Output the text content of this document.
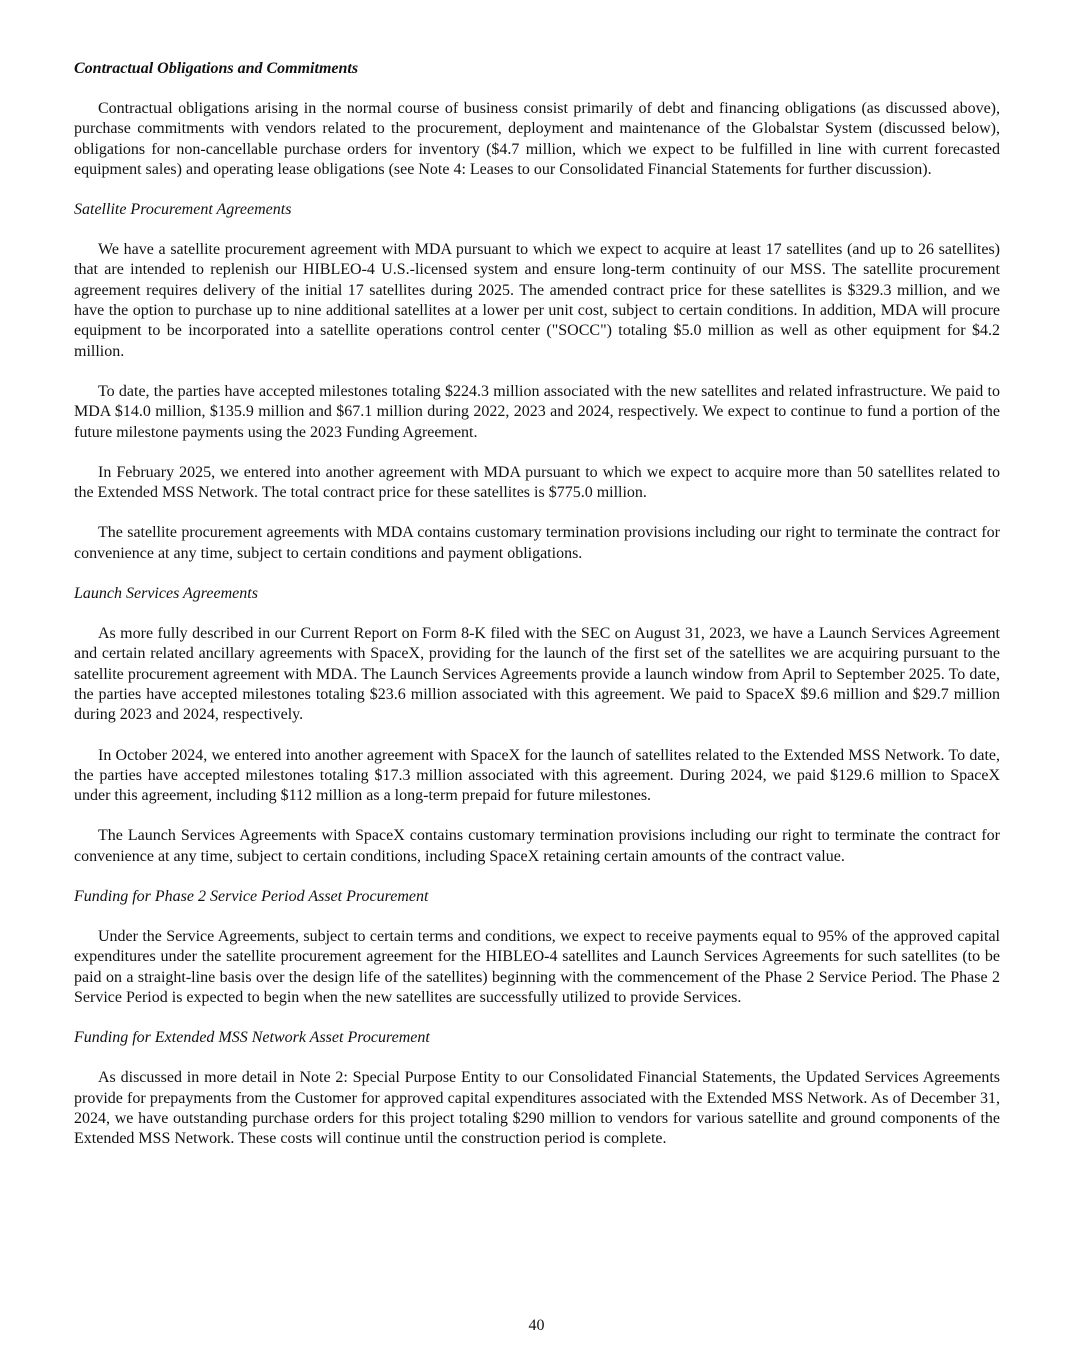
Contractual Obligations and Commitments

Contractual obligations arising in the normal course of business consist primarily of debt and financing obligations (as discussed above), purchase commitments with vendors related to the procurement, deployment and maintenance of the Globalstar System (discussed below), obligations for non-cancellable purchase orders for inventory ($4.7 million, which we expect to be fulfilled in line with current forecasted equipment sales) and operating lease obligations (see Note 4: Leases to our Consolidated Financial Statements for further discussion).

Satellite Procurement Agreements

We have a satellite procurement agreement with MDA pursuant to which we expect to acquire at least 17 satellites (and up to 26 satellites) that are intended to replenish our HIBLEO-4 U.S.-licensed system and ensure long-term continuity of our MSS. The satellite procurement agreement requires delivery of the initial 17 satellites during 2025. The amended contract price for these satellites is $329.3 million, and we have the option to purchase up to nine additional satellites at a lower per unit cost, subject to certain conditions. In addition, MDA will procure equipment to be incorporated into a satellite operations control center ("SOCC") totaling $5.0 million as well as other equipment for $4.2 million.

To date, the parties have accepted milestones totaling $224.3 million associated with the new satellites and related infrastructure. We paid to MDA $14.0 million, $135.9 million and $67.1 million during 2022, 2023 and 2024, respectively. We expect to continue to fund a portion of the future milestone payments using the 2023 Funding Agreement.

In February 2025, we entered into another agreement with MDA pursuant to which we expect to acquire more than 50 satellites related to the Extended MSS Network. The total contract price for these satellites is $775.0 million.

The satellite procurement agreements with MDA contains customary termination provisions including our right to terminate the contract for convenience at any time, subject to certain conditions and payment obligations.

Launch Services Agreements

As more fully described in our Current Report on Form 8-K filed with the SEC on August 31, 2023, we have a Launch Services Agreement and certain related ancillary agreements with SpaceX, providing for the launch of the first set of the satellites we are acquiring pursuant to the satellite procurement agreement with MDA. The Launch Services Agreements provide a launch window from April to September 2025. To date, the parties have accepted milestones totaling $23.6 million associated with this agreement. We paid to SpaceX $9.6 million and $29.7 million during 2023 and 2024, respectively.

In October 2024, we entered into another agreement with SpaceX for the launch of satellites related to the Extended MSS Network. To date, the parties have accepted milestones totaling $17.3 million associated with this agreement. During 2024, we paid $129.6 million to SpaceX under this agreement, including $112 million as a long-term prepaid for future milestones.

The Launch Services Agreements with SpaceX contains customary termination provisions including our right to terminate the contract for convenience at any time, subject to certain conditions, including SpaceX retaining certain amounts of the contract value.

Funding for Phase 2 Service Period Asset Procurement

Under the Service Agreements, subject to certain terms and conditions, we expect to receive payments equal to 95% of the approved capital expenditures under the satellite procurement agreement for the HIBLEO-4 satellites and Launch Services Agreements for such satellites (to be paid on a straight-line basis over the design life of the satellites) beginning with the commencement of the Phase 2 Service Period. The Phase 2 Service Period is expected to begin when the new satellites are successfully utilized to provide Services.

Funding for Extended MSS Network Asset Procurement

As discussed in more detail in Note 2: Special Purpose Entity to our Consolidated Financial Statements, the Updated Services Agreements provide for prepayments from the Customer for approved capital expenditures associated with the Extended MSS Network. As of December 31, 2024, we have outstanding purchase orders for this project totaling $290 million to vendors for various satellite and ground components of the Extended MSS Network. These costs will continue until the construction period is complete.

40
